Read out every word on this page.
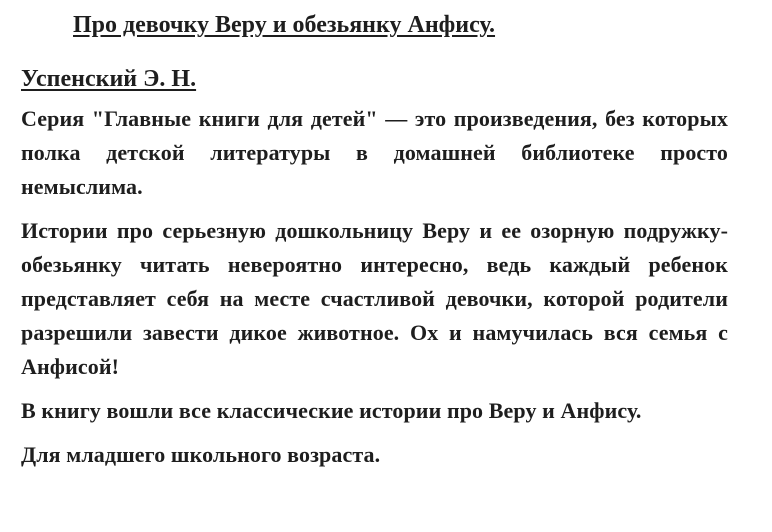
Про девочку Веру и обезьянку Анфису.
Успенский Э. Н.

Серия "Главные книги для детей" — это произведения, без которых полка детской литературы в домашней библиотеке просто немыслима.

Истории про серьезную дошкольницу Веру и ее озорную подружку-обезьянку читать невероятно интересно, ведь каждый ребенок представляет себя на месте счастливой девочки, которой родители разрешили завести дикое животное. Ох и намучилась вся семья с Анфисой!

В книгу вошли все классические истории про Веру и Анфису.

Для младшего школьного возраста.
